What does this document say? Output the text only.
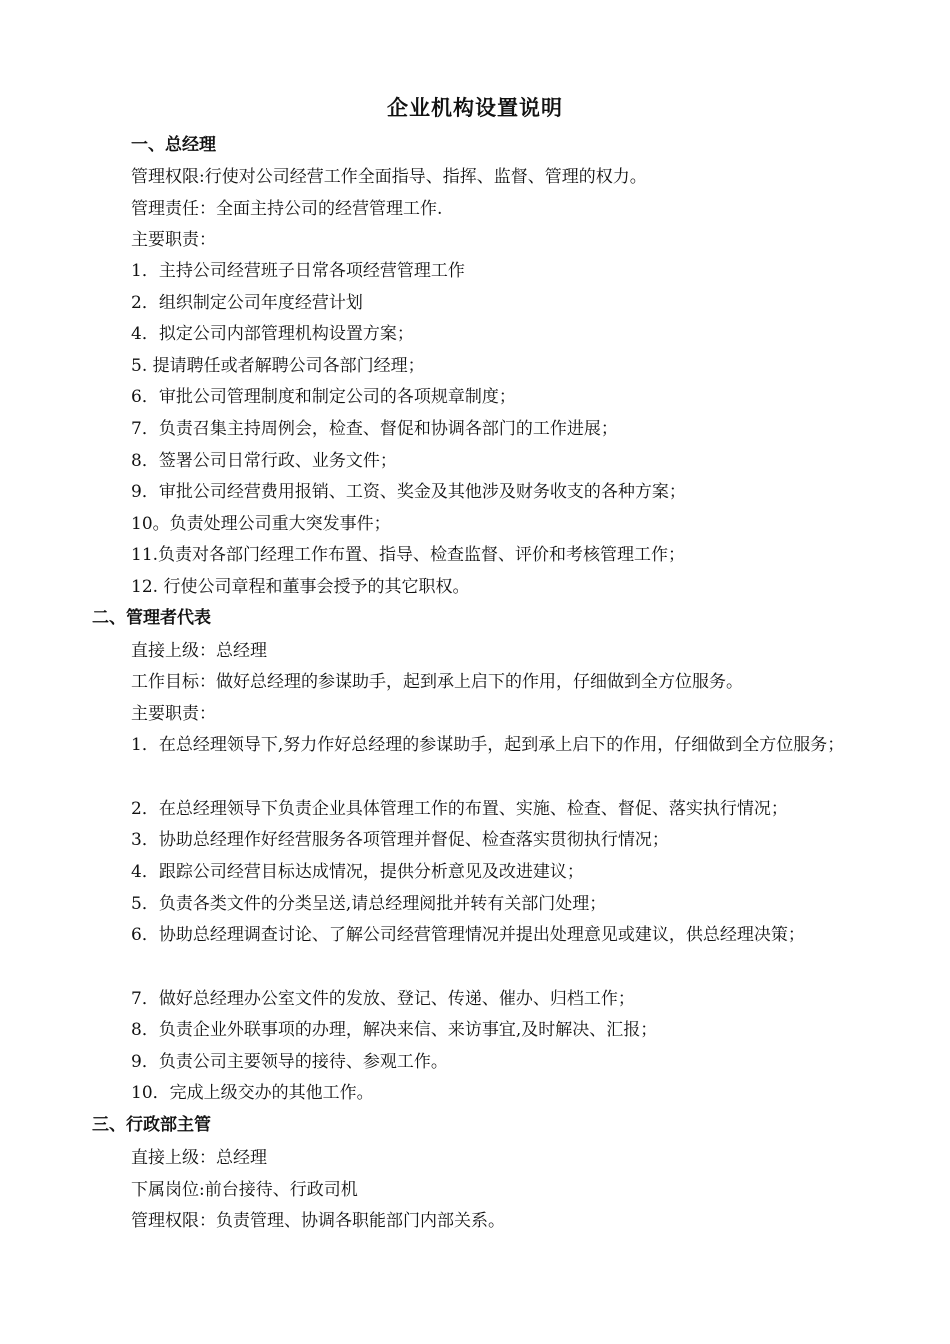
企业机构设置说明
一、总经理
管理权限:行使对公司经营工作全面指导、指挥、监督、管理的权力。
管理责任：全面主持公司的经营管理工作.
主要职责：
1．主持公司经营班子日常各项经营管理工作
2．组织制定公司年度经营计划
4．拟定公司内部管理机构设置方案；
5. 提请聘任或者解聘公司各部门经理；
6．审批公司管理制度和制定公司的各项规章制度；
7．负责召集主持周例会，检查、督促和协调各部门的工作进展；
8．签署公司日常行政、业务文件；
9．审批公司经营费用报销、工资、奖金及其他涉及财务收支的各种方案；
10。负责处理公司重大突发事件；
11.负责对各部门经理工作布置、指导、检查监督、评价和考核管理工作；
12. 行使公司章程和董事会授予的其它职权。
二、管理者代表
直接上级：总经理
工作目标：做好总经理的参谋助手，起到承上启下的作用，仔细做到全方位服务。
主要职责：
1．在总经理领导下,努力作好总经理的参谋助手，起到承上启下的作用，仔细做到全方位服务；
2．在总经理领导下负责企业具体管理工作的布置、实施、检查、督促、落实执行情况；
3．协助总经理作好经营服务各项管理并督促、检查落实贯彻执行情况；
4．跟踪公司经营目标达成情况，提供分析意见及改进建议；
5．负责各类文件的分类呈送,请总经理阅批并转有关部门处理；
6．协助总经理调查讨论、了解公司经营管理情况并提出处理意见或建议，供总经理决策；
7．做好总经理办公室文件的发放、登记、传递、催办、归档工作；
8．负责企业外联事项的办理，解决来信、来访事宜,及时解决、汇报；
9．负责公司主要领导的接待、参观工作。
10．完成上级交办的其他工作。
三、行政部主管
直接上级：总经理
下属岗位:前台接待、行政司机
管理权限：负责管理、协调各职能部门内部关系。
